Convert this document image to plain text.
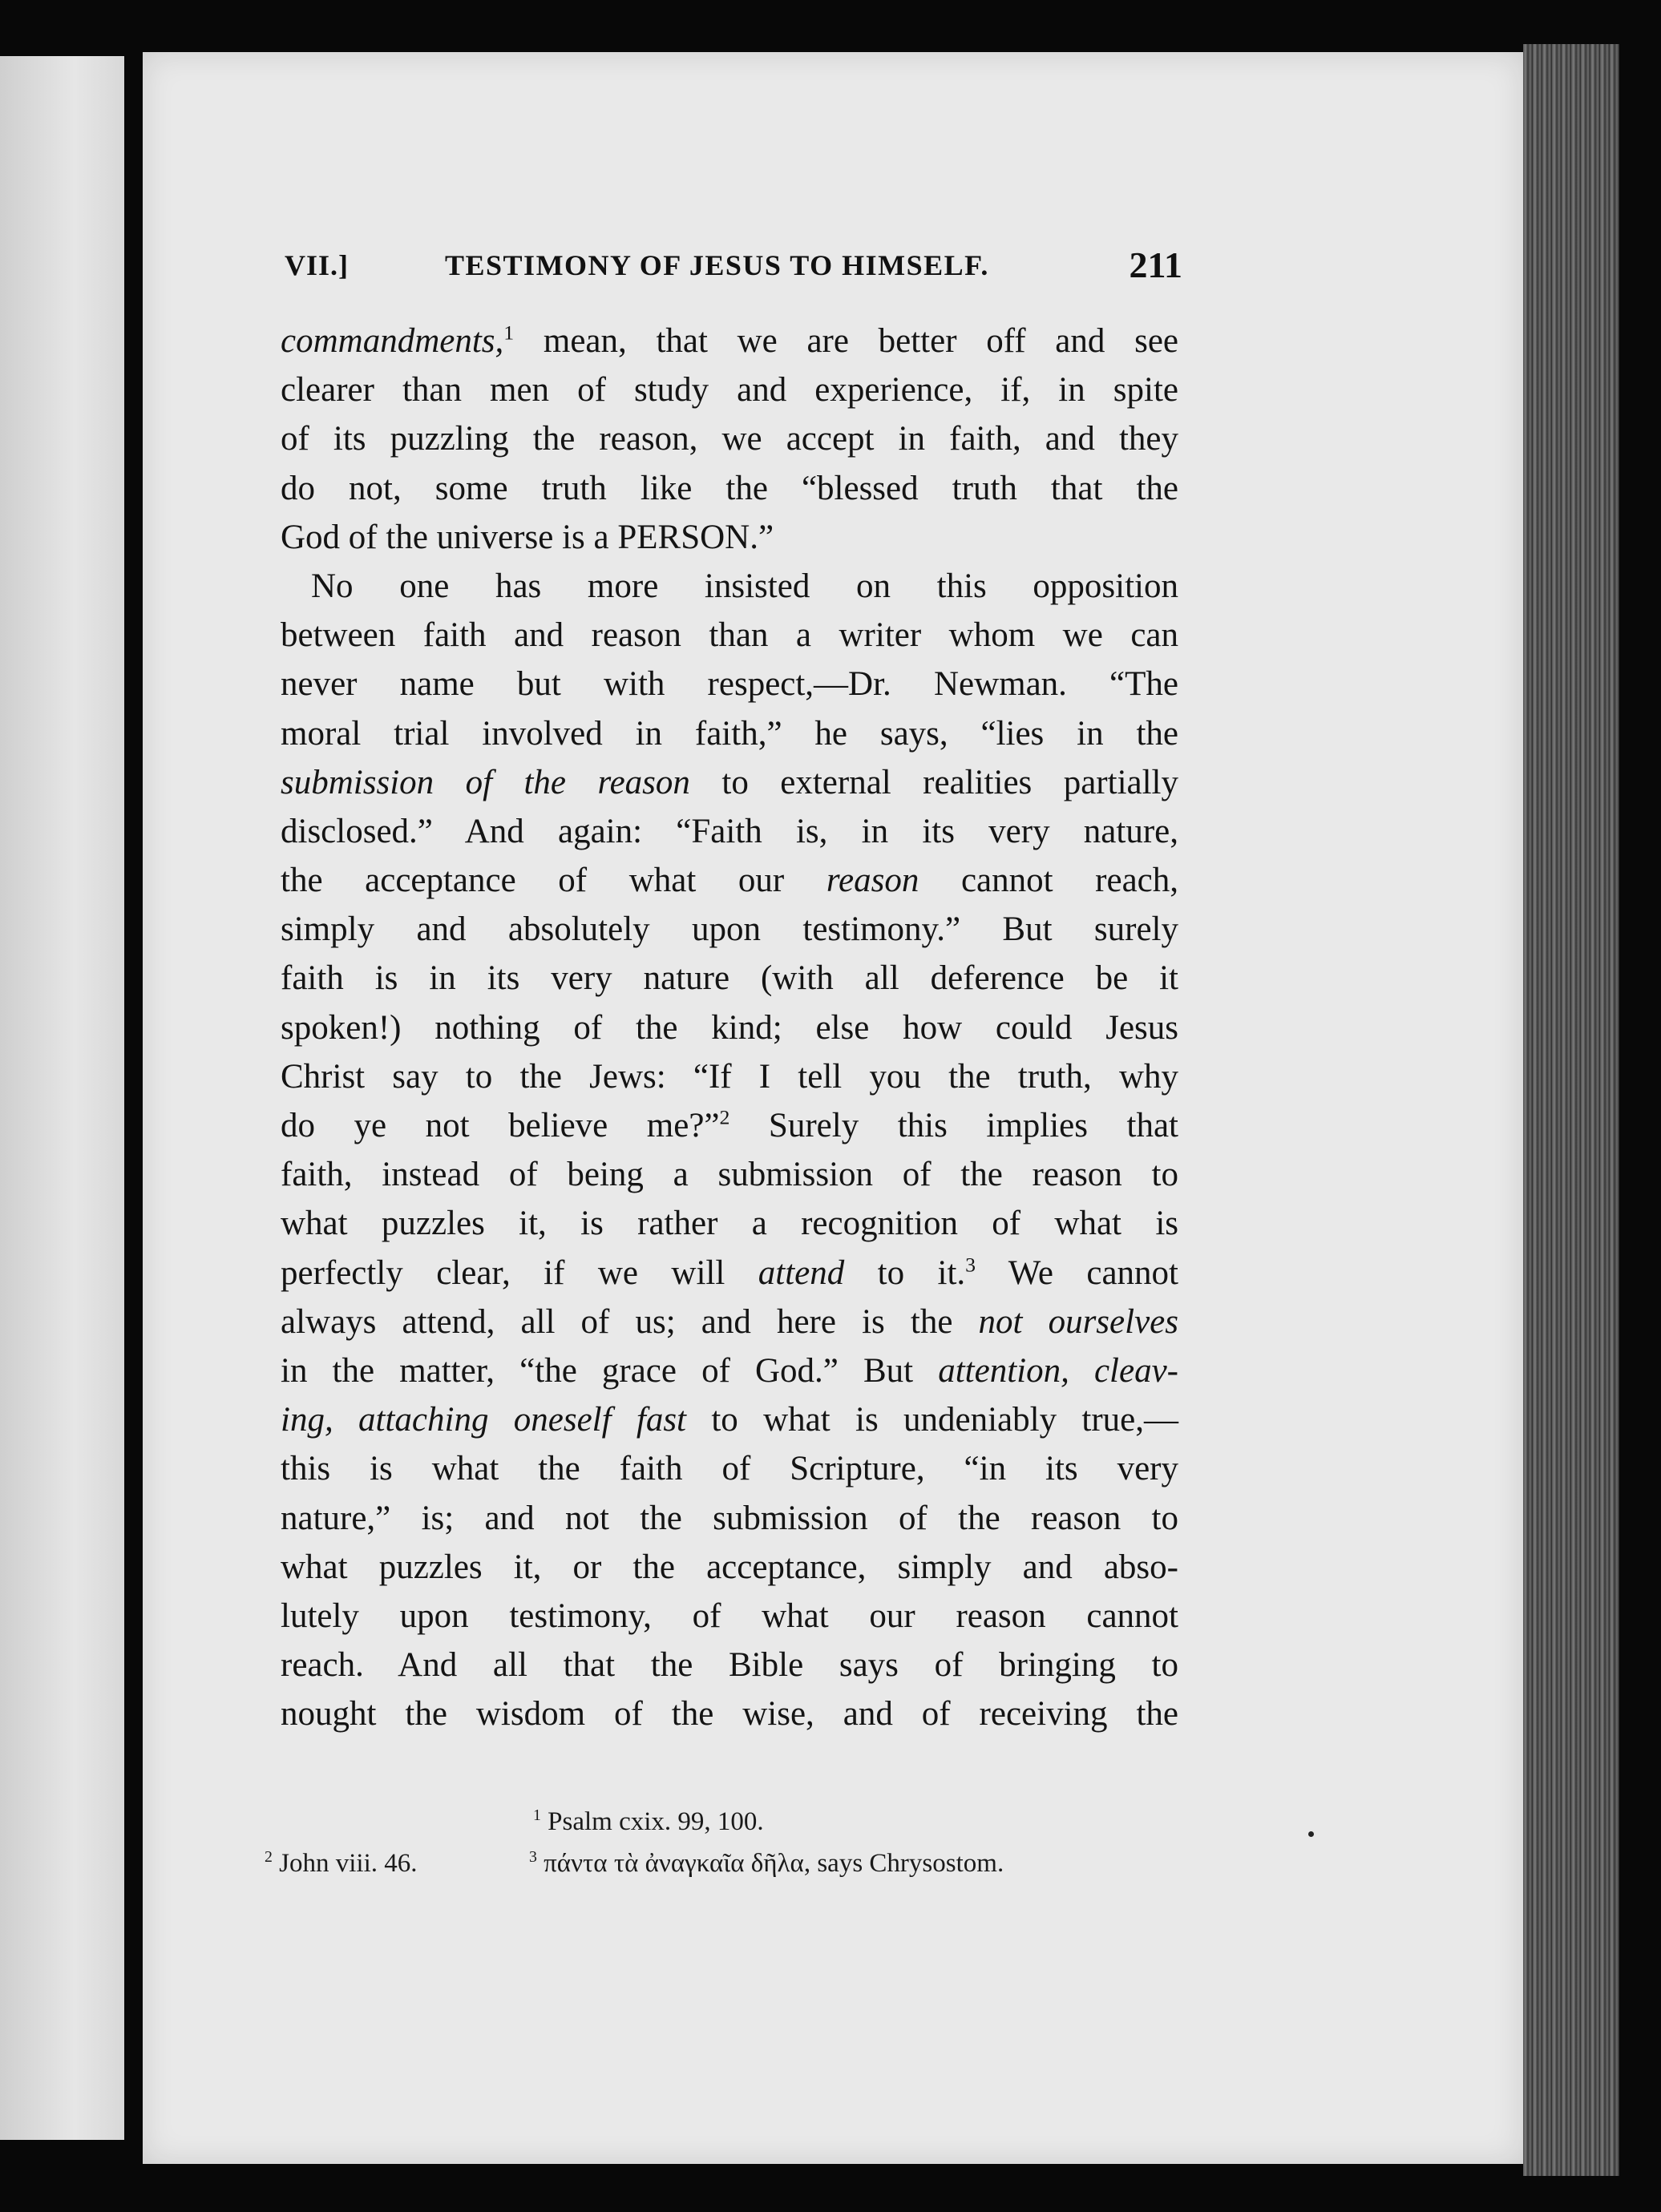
VII.]	TESTIMONY OF JESUS TO HIMSELF.	211
commandments,$^1$ mean, that we are better off and see
clearer than men of study and experience, if, in spite
of its puzzling the reason, we accept in faith, and they
do not, some truth like the “blessed truth that the
God of the universe is a PERSON.”
No one has more insisted on this opposition
between faith and reason than a writer whom we can
never name but with respect,—Dr. Newman. “The
moral trial involved in faith,” he says, “lies in the
submission of the reason to external realities partially
disclosed.” And again: “Faith is, in its very nature,
the acceptance of what our reason cannot reach,
simply and absolutely upon testimony.” But surely
faith is in its very nature (with all deference be it
spoken!) nothing of the kind; else how could Jesus
Christ say to the Jews: “If I tell you the truth, why
do ye not believe me?”$^2$ Surely this implies that
faith, instead of being a submission of the reason to
what puzzles it, is rather a recognition of what is
perfectly clear, if we will attend to it.$^3$ We cannot
always attend, all of us; and here is the not ourselves
in the matter, “the grace of God.” But attention, cleav-
ing, attaching oneself fast to what is undeniably true,—
this is what the faith of Scripture, “in its very
nature,” is; and not the submission of the reason to
what puzzles it, or the acceptance, simply and abso-
lutely upon testimony, of what our reason cannot
reach. And all that the Bible says of bringing to
nought the wisdom of the wise, and of receiving the
$^1$ Psalm cxix. 99, 100.
$^2$ John viii. 46.	$^3$ πάντα τὰ ἀναγκαῖα δῆλα, says Chrysostom.
